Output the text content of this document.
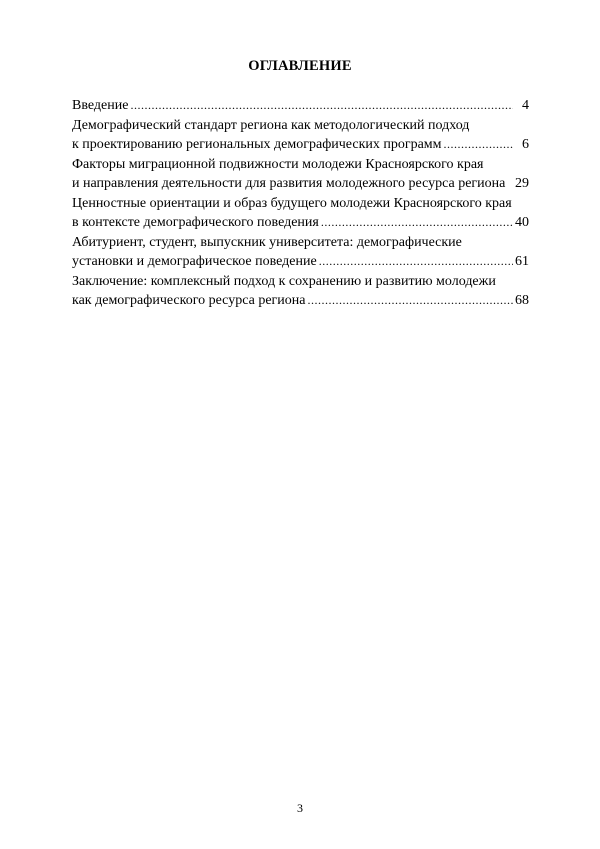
ОГЛАВЛЕНИЕ
Введение .....	4
Демографический стандарт региона как методологический подход
к проектированию региональных демографических программ .....	6
Факторы миграционной подвижности молодежи Красноярского края
и направления деятельности для развития молодежного ресурса региона 29
Ценностные ориентации и образ будущего молодежи Красноярского края
в контексте демографического поведения .....	40
Абитуриент, студент, выпускник университета: демографические
установки и демографическое поведение .....	61
Заключение: комплексный подход к сохранению и развитию молодежи
как демографического ресурса региона .....	68
3
